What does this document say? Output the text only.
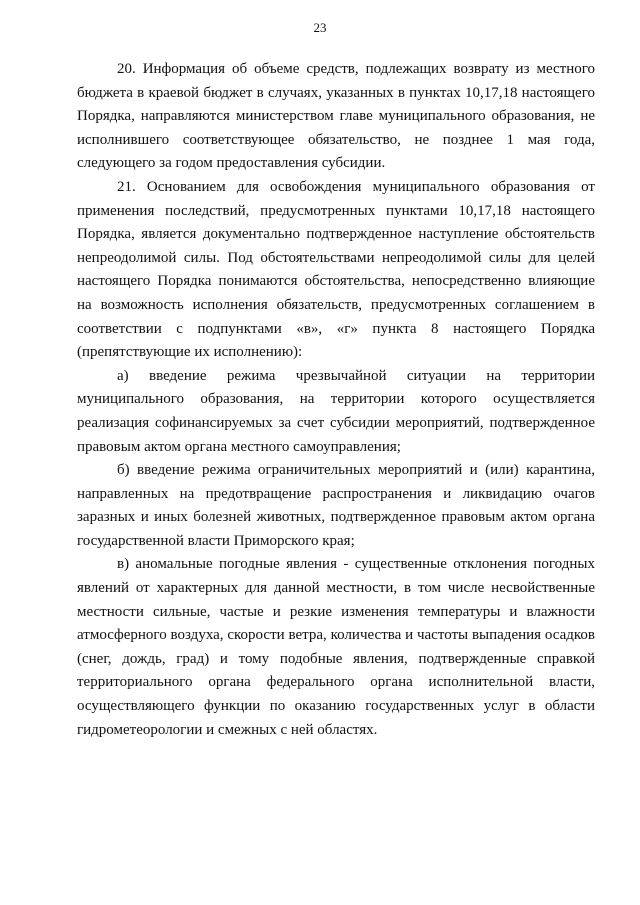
23

20. Информация об объеме средств, подлежащих возврату из местного бюджета в краевой бюджет в случаях, указанных в пунктах 10,17,18 настоящего Порядка, направляются министерством главе муниципального образования, не исполнившего соответствующее обязательство, не позднее 1 мая года, следующего за годом предоставления субсидии.

21. Основанием для освобождения муниципального образования от применения последствий, предусмотренных пунктами 10,17,18 настоящего Порядка, является документально подтвержденное наступление обстоятельств непреодолимой силы. Под обстоятельствами непреодолимой силы для целей настоящего Порядка понимаются обстоятельства, непосредственно влияющие на возможность исполнения обязательств, предусмотренных соглашением в соответствии с подпунктами «в», «г» пункта 8 настоящего Порядка (препятствующие их исполнению):

а) введение режима чрезвычайной ситуации на территории муниципального образования, на территории которого осуществляется реализация софинансируемых за счет субсидии мероприятий, подтвержденное правовым актом органа местного самоуправления;

б) введение режима ограничительных мероприятий и (или) карантина, направленных на предотвращение распространения и ликвидацию очагов заразных и иных болезней животных, подтвержденное правовым актом органа государственной власти Приморского края;

в) аномальные погодные явления - существенные отклонения погодных явлений от характерных для данной местности, в том числе несвойственные местности сильные, частые и резкие изменения температуры и влажности атмосферного воздуха, скорости ветра, количества и частоты выпадения осадков (снег, дождь, град) и тому подобные явления, подтвержденные справкой территориального органа федерального органа исполнительной власти, осуществляющего функции по оказанию государственных услуг в области гидрометеорологии и смежных с ней областях.
